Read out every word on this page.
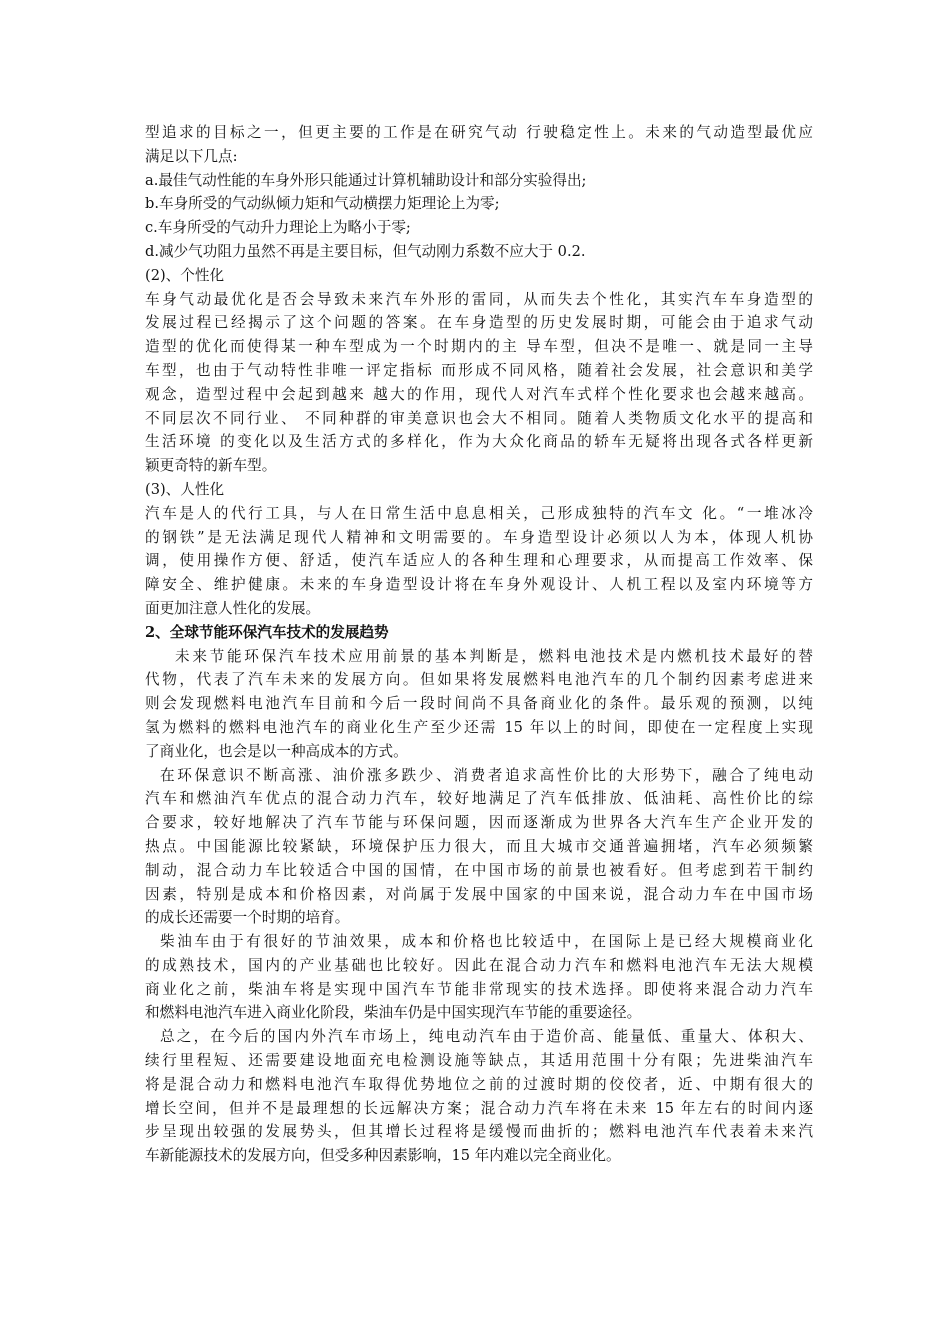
型追求的目标之一，但更主要的工作是在研究气动 行驶稳定性上。未来的气动造型最优应
满足以下几点:
a.最佳气动性能的车身外形只能通过计算机辅助设计和部分实验得出;
b.车身所受的气动纵倾力矩和气动横摆力矩理论上为零;
c.车身所受的气动升力理论上为略小于零;
d.减少气功阻力虽然不再是主要目标，但气动刚力系数不应大于 0.2.
(2)、个性化
车身气动最优化是否会导致未来汽车外形的雷同，从而失去个性化，其实汽车车身造型的
发展过程已经揭示了这个问题的答案。在车身造型的历史发展时期，可能会由于追求气动
造型的优化而使得某一种车型成为一个时期内的主 导车型，但决不是唯一、就是同一主导
车型，也由于气动特性非唯一评定指标 而形成不同风格，随着社会发展，社会意识和美学
观念，造型过程中会起到越来 越大的作用，现代人对汽车式样个性化要求也会越来越高。
不同层次不同行业、 不同种群的审美意识也会大不相同。随着人类物质文化水平的提高和
生活环境 的变化以及生活方式的多样化，作为大众化商品的轿车无疑将出现各式各样更新
颖更奇特的新车型。
(3)、人性化
汽车是人的代行工具，与人在日常生活中息息相关，己形成独特的汽车文 化。“一堆冰冷
的钢铁”是无法满足现代人精神和文明需要的。车身造型设计必须以人为本，体现人机协
调，使用操作方便、舒适，使汽车适应人的各种生理和心理要求，从而提高工作效率、保
障安全、维护健康。未来的车身造型设计将在车身外观设计、人机工程以及室内环境等方
面更加注意人性化的发展。
2、全球节能环保汽车技术的发展趋势
未来节能环保汽车技术应用前景的基本判断是，燃料电池技术是内燃机技术最好的替
代物，代表了汽车未来的发展方向。但如果将发展燃料电池汽车的几个制约因素考虑进来
则会发现燃料电池汽车目前和今后一段时间尚不具备商业化的条件。最乐观的预测，以纯
氢为燃料的燃料电池汽车的商业化生产至少还需 15 年以上的时间，即使在一定程度上实现
了商业化，也会是以一种高成本的方式。
在环保意识不断高涨、油价涨多跌少、消费者追求高性价比的大形势下，融合了纯电动
汽车和燃油汽车优点的混合动力汽车，较好地满足了汽车低排放、低油耗、高性价比的综
合要求，较好地解决了汽车节能与环保问题，因而逐渐成为世界各大汽车生产企业开发的
热点。中国能源比较紧缺，环境保护压力很大，而且大城市交通普遍拥堵，汽车必须频繁
制动，混合动力车比较适合中国的国情，在中国市场的前景也被看好。但考虑到若干制约
因素，特别是成本和价格因素，对尚属于发展中国家的中国来说，混合动力车在中国市场
的成长还需要一个时期的培育。
柴油车由于有很好的节油效果，成本和价格也比较适中，在国际上是已经大规模商业化
的成熟技术，国内的产业基础也比较好。因此在混合动力汽车和燃料电池汽车无法大规模
商业化之前，柴油车将是实现中国汽车节能非常现实的技术选择。即使将来混合动力汽车
和燃料电池汽车进入商业化阶段，柴油车仍是中国实现汽车节能的重要途径。
总之，在今后的国内外汽车市场上，纯电动汽车由于造价高、能量低、重量大、体积大、
续行里程短、还需要建设地面充电检测设施等缺点，其适用范围十分有限；先进柴油汽车
将是混合动力和燃料电池汽车取得优势地位之前的过渡时期的佼佼者，近、中期有很大的
增长空间，但并不是最理想的长远解决方案；混合动力汽车将在未来 15 年左右的时间内逐
步呈现出较强的发展势头，但其增长过程将是缓慢而曲折的；燃料电池汽车代表着未来汽
车新能源技术的发展方向，但受多种因素影响，15 年内难以完全商业化。
